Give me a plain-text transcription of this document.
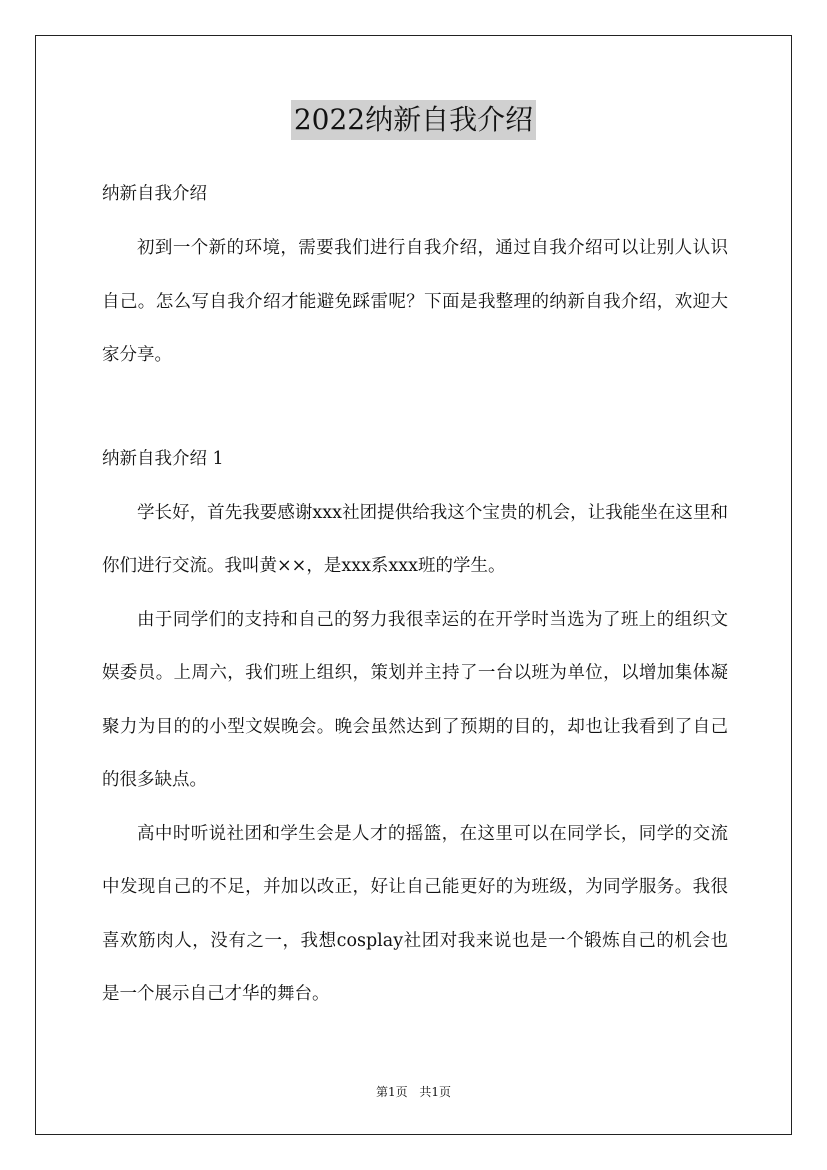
2022纳新自我介绍

纳新自我介绍

初到一个新的环境，需要我们进行自我介绍，通过自我介绍可以让别人认识自己。怎么写自我介绍才能避免踩雷呢？下面是我整理的纳新自我介绍，欢迎大家分享。

纳新自我介绍 1

学长好，首先我要感谢xxx社团提供给我这个宝贵的机会，让我能坐在这里和你们进行交流。我叫黄××，是xxx系xxx班的学生。

由于同学们的支持和自己的努力我很幸运的在开学时当选为了班上的组织文娱委员。上周六，我们班上组织，策划并主持了一台以班为单位，以增加集体凝聚力为目的的小型文娱晚会。晚会虽然达到了预期的目的，却也让我看到了自己的很多缺点。

高中时听说社团和学生会是人才的摇篮，在这里可以在同学长，同学的交流中发现自己的不足，并加以改正，好让自己能更好的为班级，为同学服务。我很喜欢筋肉人，没有之一，我想cosplay社团对我来说也是一个锻炼自己的机会也是一个展示自己才华的舞台。

第1页 共1页
